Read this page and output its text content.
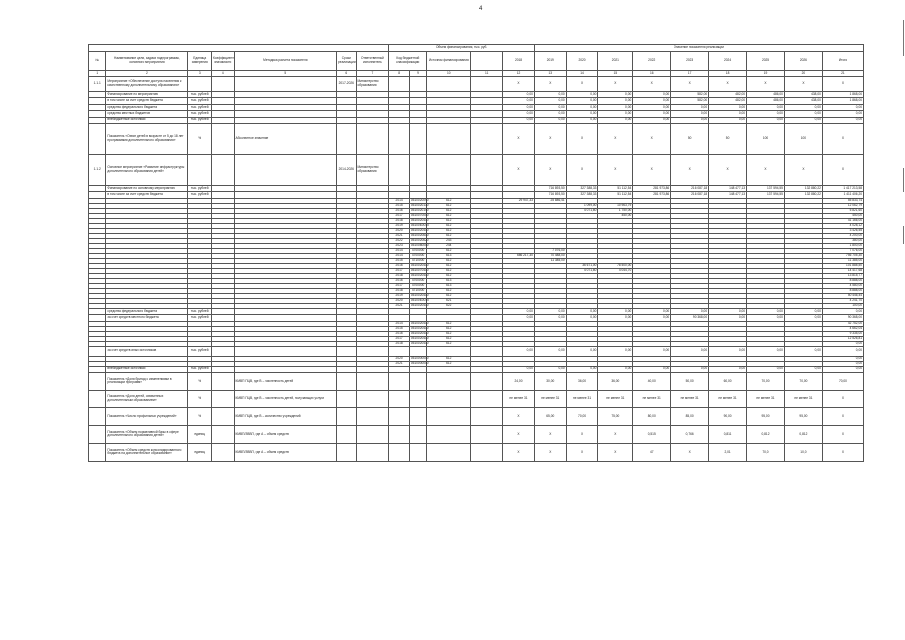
4
							Объем финансирования, тыс. руб.					Значение показателя реализации								
№	Наименование цели, задачи подпрограммы, основного мероприятия	Единица измерения	Коэффициент значимости	Методика расчета показателя	Сроки реализации	Ответственный исполнитель	Код бюджетной классификации		Источник финансирования		2018	2019	2020	2021	2022	2023	2024	2025	2026	Итого
1	2	3	4	5	6	7	8	9	10	11	12	13	14	15	16	17	18	19	20	21
1.1.1	Мероприятие «Обеспечение доступа населения к качественному дополнительному образованию»				2017-2026	Министерство образования					X	X	X	X	X	X	X	X	X	X
	Финансирование по мероприятию	тыс. рублей									0,00	0,00	0,00	0,00	0,00	582,00	482,00	486,00	438,00	1 868,00
	в том числе за счет средств бюджета	тыс. рублей									0,00	0,00	0,00	0,00	0,00	582,00	482,00	486,00	438,00	1 868,00
	средства федерального бюджета	тыс. рублей									0,00	0,00	0,00	0,00	0,00	0,00	0,00	0,00	0,00	0,00
	средства местных бюджетов	тыс. рублей									0,00	0,00	0,00	0,00	0,00	0,00	0,00	0,00	0,00	0,00
	внебюджетные источники	тыс. рублей									0,00	0,00	0,00	0,00	0,00	0,00	0,00	0,00	0,00	0,00
	Показатель «Охват детей в возрасте от 5 до 18 лет программами дополнительного образования»	%		Абсолютное значение							X	X	X	X	X	50	50	100	100	X
1.1.2	Основное мероприятие «Развитие инфраструктуры дополнительного образования детей»				2014-2026	Министерство образования					X	X	X	X	X	X	X	X	X	X
	Финансирование по основному мероприятию	тыс. рублей										716 893,50	327 388,33	51 112,54	281 973,86	216 087,18	148 477,13	137 594,55	132 880,22	1 417 213,58
	в том числе за счет средств бюджета	тыс. рублей										716 893,50	327 388,33	51 112,54	281 973,86	216 087,18	148 477,13	137 594,55	132 880,22	1 411 406,20
							2014	0510020090	612		29 947,33	25 886,41								55 833,74
							2015	0510020130	612				1 099,00	10 963,79						12 062,79
							2016	0510020140	612				4 071,60	1 750,00						5 821,60
							2017	0510070000	612					450,00						450,00
							2018	0510020410	612											41 166,00
							2019	05100Б0010	612											4 028,12
							2020	0510020410	612											3 426,55
							2021	0510020610	612											4 200,00
							2022	0510020620	243											380,00
							2023	0510080000	244											1 800,00
							2014	4700000	612			7 076,00								7 076,00
							2014	4700000	613		686 217,30	70 488,00								756 705,30
							2015	4710000	612			11 385,00								11 385,00
							2016	0510020410	612				36 671,00	78 500,00						101 888,50
							2017	0510070410	612				4 071,60	4 044,70						14 417,68
							2018	0510020410	612											13 815,77
							2016	4700000	613											8 888,00
							2017	4700000	613											4 580,00
							2018	4710000	612											8 888,00
							2019	0510020410	612											50 446,44
							2020	05100Б0010	621											4 241,70
							2021	0510020410	622											100,00
	средства федерального бюджета	тыс. рублей									0,00	0,00	0,00	0,00	0,00	0,00	0,00	0,00	0,00	0,00
	за счет средств местного бюджета	тыс. рублей									0,00	0,00	0,00	0,00	0,00	90 368,00	0,00	0,00	0,00	90 368,00
							2014	0510020410	612											42 752,00
							2015	0510020410	612											4 662,04
							2016	0510020410	612											9 335,00
							2017	0510020410	612											12 526,81
							2018	0510020410	612											0,00
	за счет средств иных источников	тыс. рублей									0,00	0,00	0,00	0,00	0,00	0,00	0,00	0,00	0,00	0,00
							2020	0510000000	612											0,00
							2021	0510000000	612											0,00
	внебюджетные источники	тыс. рублей									0,00	0,00	0,00	0,00	0,00	0,00	0,00	0,00	0,00	0,00
	Показатель «Доля бригад с изменениями в реализации программ»	%		КМВП ПЦВ, где В – численность детей							24,00	30,00	36,00	36,00	40,00	50,00	60,00	70,00	70,00	70,00
	Показатель «Доля детей, охваченных дополнительным образованием»	%		КМВП ПЦВ, где В – численность детей, получающих услуги							не менее 31	не менее 31	не менее 31	не менее 31	не менее 31	не менее 31	не менее 31	не менее 31	не менее 31	X
	Показатель «Число профильных учреждений»	%		КМВП ПЦВ, где В – количество учреждений							X	65,00	70,00	75,00	80,00	85,00	90,00	95,00	95,00	X
	Показатель «Объем нормативной базы в сфере дополнительного образования детей»	единиц		КМВП/ЗВВП, где А – объем средств							X	X	X	X	0,515	0,766	0,811	0,812	0,812	X
	Показатель «Объем средств консолидированного бюджета на дополнительное образование»	единиц		КМВП/ЗВВП, где А – объем средств							X	X	X	X	47	X	2,01	70,0	10,0	X
